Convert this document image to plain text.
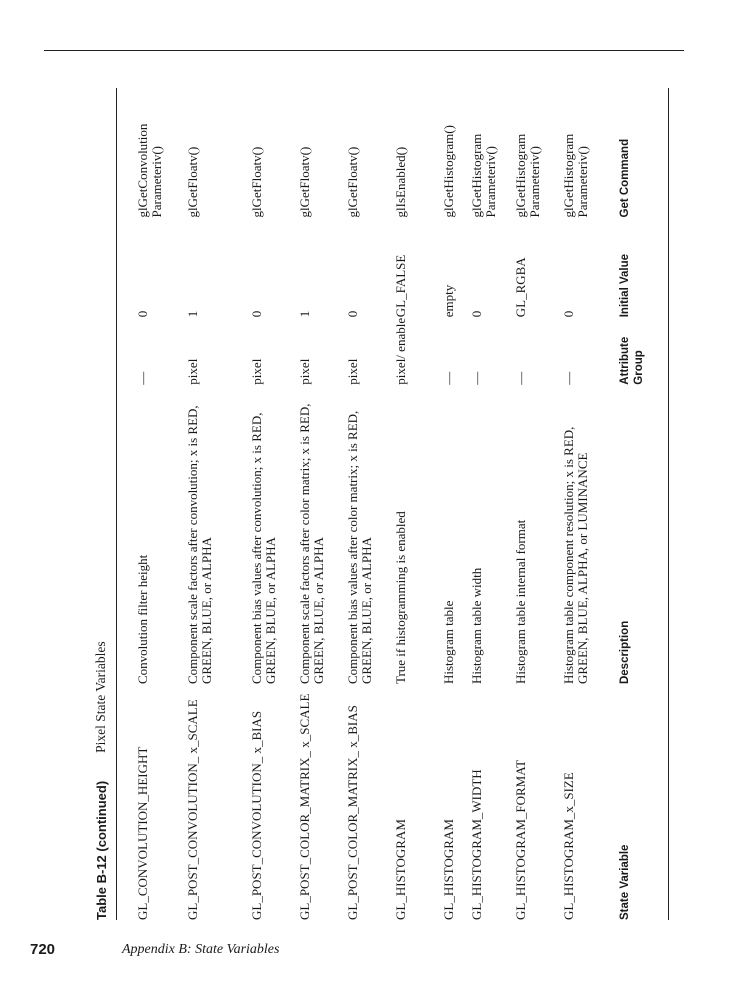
Table B-12 (continued)
Pixel State Variables
State Variable	Description	Attribute Group	Initial Value	Get Command
GL_CONVOLUTION_HEIGHT	Convolution filter height	—	0	glGetConvolution Parameteriv()
GL_POST_CONVOLUTION_ x_SCALE	Component scale factors after convolution; x is RED, GREEN, BLUE, or ALPHA	pixel	1	glGetFloatv()
GL_POST_CONVOLUTION_ x_BIAS	Component bias values after convolution; x is RED, GREEN, BLUE, or ALPHA	pixel	0	glGetFloatv()
GL_POST_COLOR_MATRIX_ x_SCALE	Component scale factors after color matrix; x is RED, GREEN, BLUE, or ALPHA	pixel	1	glGetFloatv()
GL_POST_COLOR_MATRIX_ x_BIAS	Component bias values after color matrix; x is RED, GREEN, BLUE, or ALPHA	pixel	0	glGetFloatv()
GL_HISTOGRAM	True if histogramming is enabled	pixel/ enable	GL_FALSE	glIsEnabled()
GL_HISTOGRAM	Histogram table	—	empty	glGetHistogram()
GL_HISTOGRAM_WIDTH	Histogram table width	—	0	glGetHistogram Parameteriv()
GL_HISTOGRAM_FORMAT	Histogram table internal format	—	GL_RGBA	glGetHistogram Parameteriv()
GL_HISTOGRAM_x_SIZE	Histogram table component resolution; x is RED, GREEN, BLUE, ALPHA, or LUMINANCE	—	0	glGetHistogram Parameteriv()
720	Appendix B: State Variables
